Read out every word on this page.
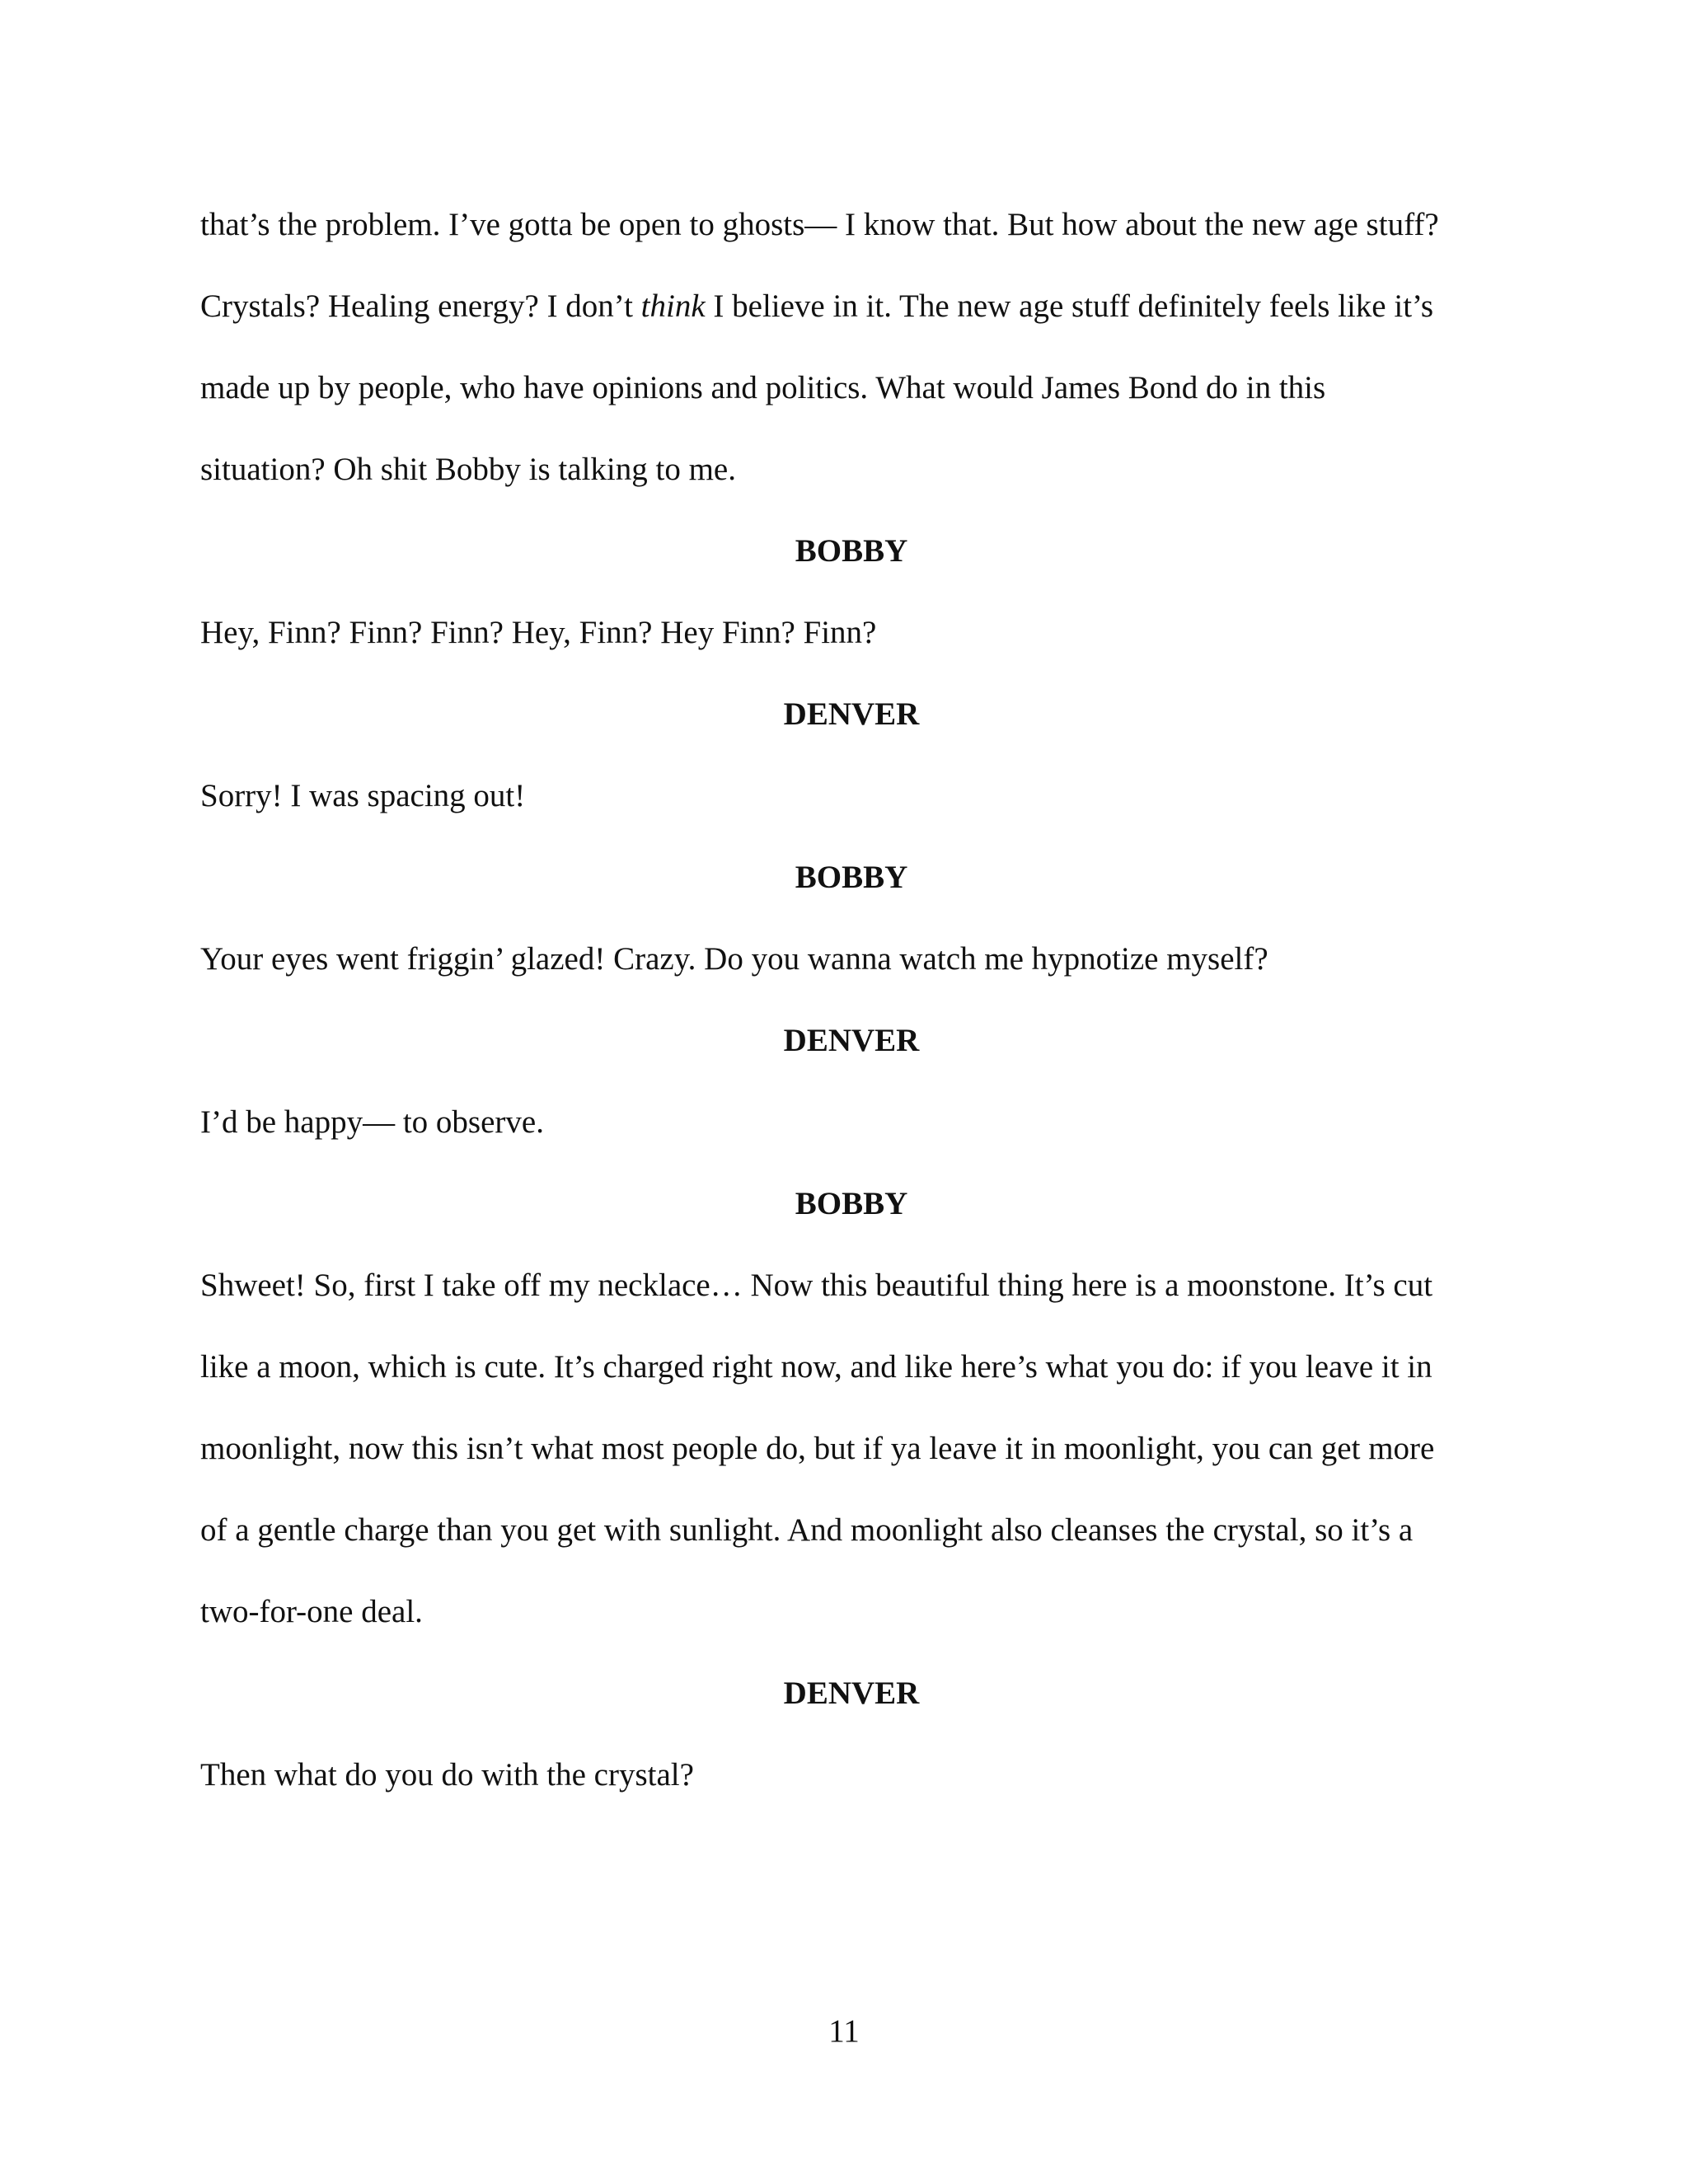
that’s the problem. I’ve gotta be open to ghosts— I know that. But how about the new age stuff?
Crystals? Healing energy? I don’t think I believe in it. The new age stuff definitely feels like it’s
made up by people, who have opinions and politics. What would James Bond do in this
situation? Oh shit Bobby is talking to me.
BOBBY
Hey, Finn? Finn? Finn? Hey, Finn? Hey Finn? Finn?
DENVER
Sorry! I was spacing out!
BOBBY
Your eyes went friggin’ glazed! Crazy. Do you wanna watch me hypnotize myself?
DENVER
I’d be happy— to observe.
BOBBY
Shweet! So, first I take off my necklace… Now this beautiful thing here is a moonstone. It’s cut
like a moon, which is cute. It’s charged right now, and like here’s what you do: if you leave it in
moonlight, now this isn’t what most people do, but if ya leave it in moonlight, you can get more
of a gentle charge than you get with sunlight. And moonlight also cleanses the crystal, so it’s a
two-for-one deal.
DENVER
Then what do you do with the crystal?
11
